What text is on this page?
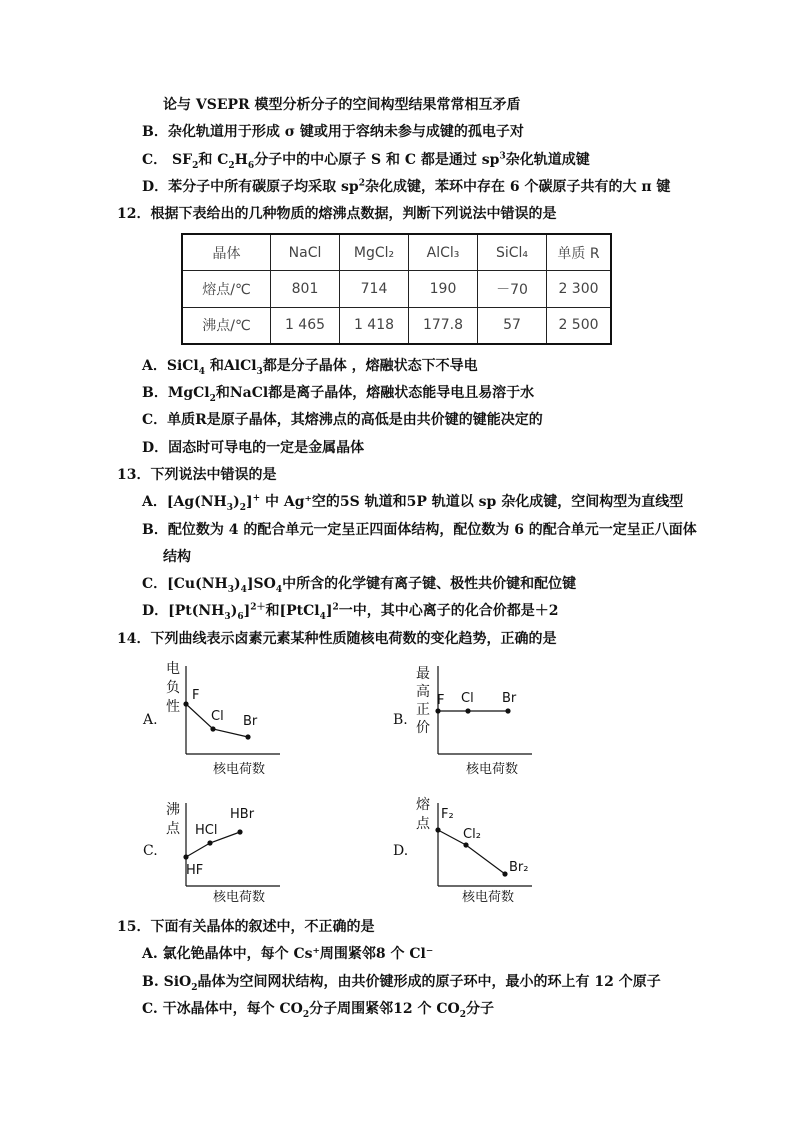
论与 VSEPR 模型分析分子的空间构型结果常常相互矛盾
B．杂化轨道用于形成 σ 键或用于容纳未参与成键的孤电子对
C． $SF_2$和 $C_2H_6$分子中的中心原子 S 和 C 都是通过 $sp^3$杂化轨道成键
D．苯分子中所有碳原子均采取 $sp^2$杂化成键，苯环中存在 6 个碳原子共有的大 π 键
12．根据下表给出的几种物质的熔沸点数据，判断下列说法中错误的是
晶体	NaCl	MgCl₂	AlCl₃	SiCl₄	单质 R
熔点/℃	801	714	190	－70	2 300
沸点/℃	1 465	1 418	177.8	57	2 500
A．SiCl$_4$ 和AlCl$_3$都是分子晶体 ，熔融状态下不导电
B．MgCl$_2$和NaCl都是离子晶体，熔融状态能导电且易溶于水
C．单质R是原子晶体，其熔沸点的高低是由共价键的键能决定的
D．固态时可导电的一定是金属晶体
13．下列说法中错误的是
A．$[Ag(NH_3)_2]^+$ 中 Ag⁺空的5S 轨道和5P 轨道以 sp 杂化成键，空间构型为直线型
B．配位数为 4 的配合单元一定呈正四面体结构，配位数为 6 的配合单元一定呈正八面体
结构
C．$[Cu(NH_3)_4]SO_4$中所含的化学键有离子键、极性共价键和配位键
D．$[Pt(NH_3)_6]^{2+}$和[PtCl$_4$]$^2$一中，其中心离子的化合价都是＋2
14．下列曲线表示卤素元素某种性质随核电荷数的变化趋势，正确的是
A.
电
负
性
F
Cl Br
核电荷数
B.
最
高
正
价
F Cl Br
核电荷数
C.
沸
点
HF
HCl
HBr
核电荷数
D.
熔
点
F₂
Cl₂
Br₂
核电荷数
15．下面有关晶体的叙述中，不正确的是
A. 氯化铯晶体中，每个 Cs⁺周围紧邻8 个 Cl⁻
B. SiO$_2$晶体为空间网状结构，由共价键形成的原子环中，最小的环上有 12 个原子
C. 干冰晶体中，每个 $CO_2$分子周围紧邻12 个 $CO_2$分子
